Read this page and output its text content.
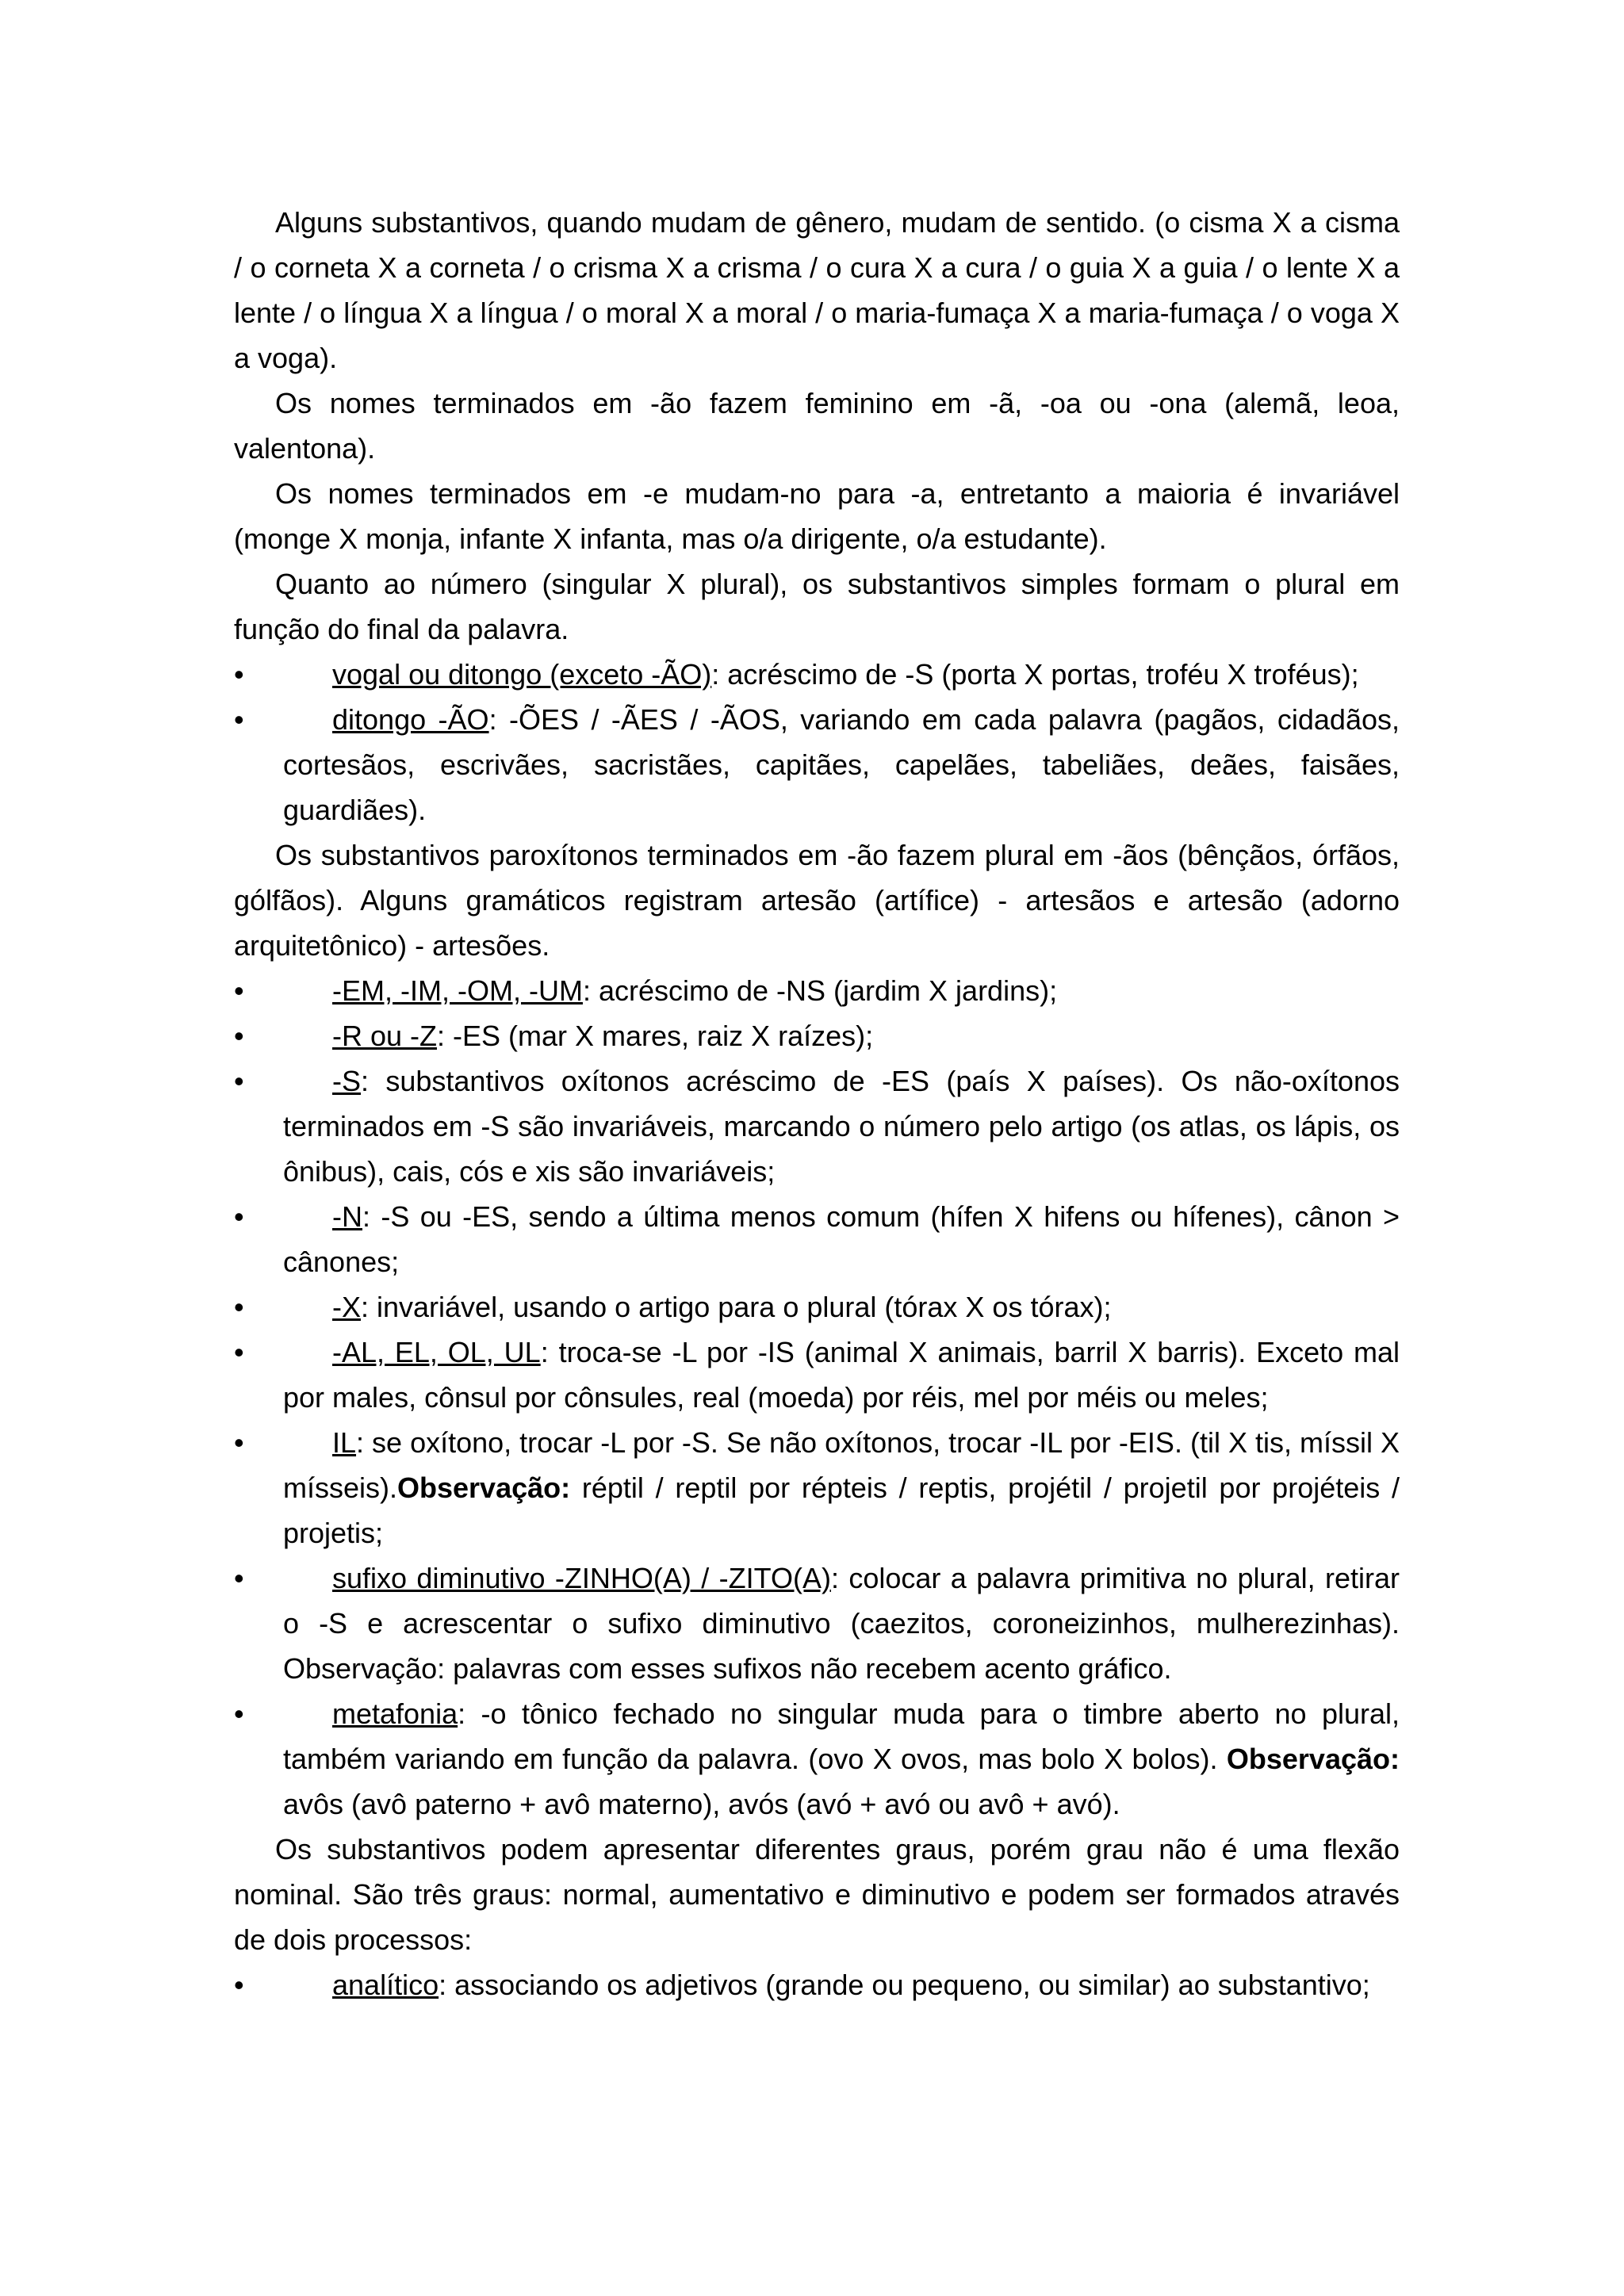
Alguns substantivos, quando mudam de gênero, mudam de sentido. (o cisma X a cisma / o corneta X a corneta / o crisma X a crisma / o cura X a cura / o guia X a guia / o lente X a lente / o língua X a língua / o moral X a moral / o maria-fumaça X a maria-fumaça / o voga X a voga).

Os nomes terminados em -ão fazem feminino em -ã, -oa ou -ona (alemã, leoa, valentona).

Os nomes terminados em -e mudam-no para -a, entretanto a maioria é invariável (monge X monja, infante X infanta, mas o/a dirigente, o/a estudante).

Quanto ao número (singular X plural), os substantivos simples formam o plural em função do final da palavra.

•	vogal ou ditongo (exceto -ÃO): acréscimo de -S (porta X portas, troféu X troféus);
•	ditongo -ÃO: -ÕES / -ÃES / -ÃOS, variando em cada palavra (pagãos, cidadãos, cortesãos, escrivães, sacristães, capitães, capelães, tabeliães, deães, faisães, guardiães).

Os substantivos paroxítonos terminados em -ão fazem plural em -ãos (bênçãos, órfãos, gólfãos). Alguns gramáticos registram artesão (artífice) - artesãos e artesão (adorno arquitetônico) - artesões.

•	-EM, -IM, -OM, -UM: acréscimo de -NS (jardim X jardins);
•	-R ou -Z: -ES (mar X mares, raiz X raízes);
•	-S: substantivos oxítonos acréscimo de -ES (país X países). Os não-oxítonos terminados em -S são invariáveis, marcando o número pelo artigo (os atlas, os lápis, os ônibus), cais, cós e xis são invariáveis;
•	-N: -S ou -ES, sendo a última menos comum (hífen X hifens ou hífenes), cânon > cânones;
•	-X: invariável, usando o artigo para o plural (tórax X os tórax);
•	-AL, EL, OL, UL: troca-se -L por -IS (animal X animais, barril X barris). Exceto mal por males, cônsul por cônsules, real (moeda) por réis, mel por méis ou meles;
•	IL: se oxítono, trocar -L por -S. Se não oxítonos, trocar -IL por -EIS. (til X tis, míssil X mísseis).Observação: réptil / reptil por répteis / reptis, projétil / projetil por projéteis / projetis;
•	sufixo diminutivo -ZINHO(A) / -ZITO(A): colocar a palavra primitiva no plural, retirar o -S e acrescentar o sufixo diminutivo (caezitos, coroneizinhos, mulherezinhas). Observação: palavras com esses sufixos não recebem acento gráfico.
•	metafonia: -o tônico fechado no singular muda para o timbre aberto no plural, também variando em função da palavra. (ovo X ovos, mas bolo X bolos). Observação: avôs (avô paterno + avô materno), avós (avó + avó ou avô + avó).

Os substantivos podem apresentar diferentes graus, porém grau não é uma flexão nominal. São três graus: normal, aumentativo e diminutivo e podem ser formados através de dois processos:

•	analítico: associando os adjetivos (grande ou pequeno, ou similar) ao substantivo;
